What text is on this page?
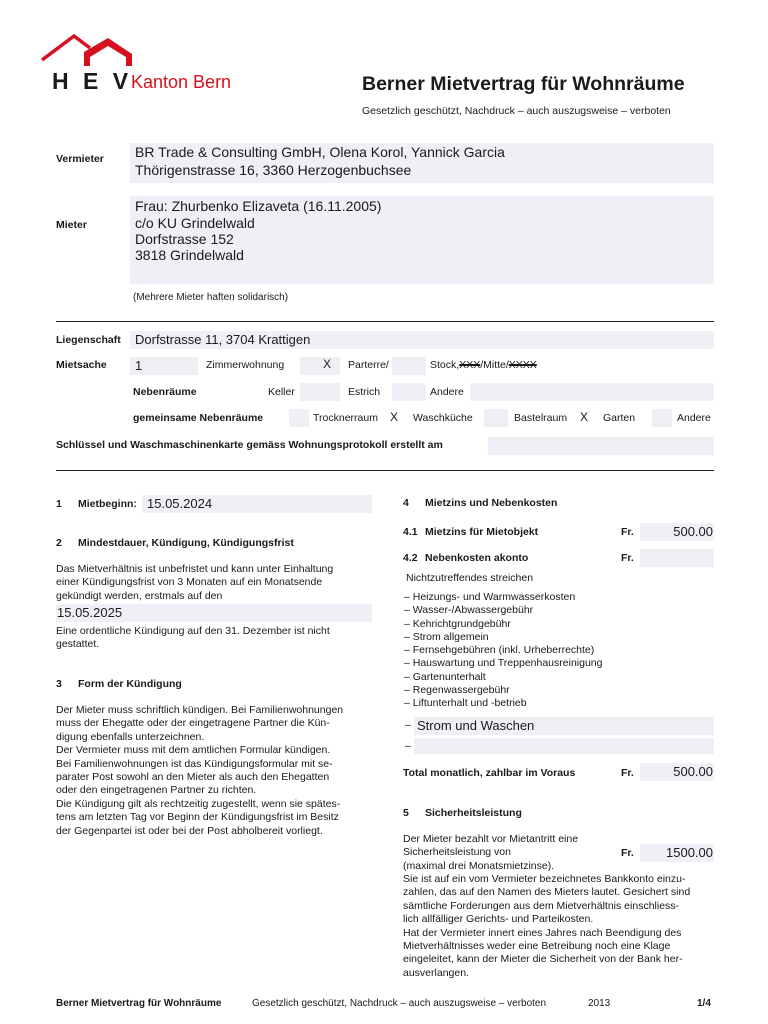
H E V
Kanton Bern	Berner Mietvertrag für Wohnräume
Gesetzlich geschützt, Nachdruck – auch auszugsweise – verboten
Vermieter BR Trade & Consulting GmbH, Olena Korol, Yannick Garcia
Thörigenstrasse 16, 3360 Herzogenbuchsee
Mieter
Frau: Zhurbenko Elizaveta (16.11.2005)
c/o KU Grindelwald
Dorfstrasse 152
3818 Grindelwald
(Mehrere Mieter haften solidarisch)
Liegenschaft Dorfstrasse 11, 3704 Krattigen
Mietsache 1	Zimmerwohnung	X Parterre/	Stock,XXX/Mitte/XXXX
Nebenräume	Keller	Estrich	Andere
gemeinsame Nebenräume	Trocknerraum X Waschküche	Bastelraum X Garten	Andere
Schlüssel und Waschmaschinenkarte gemäss Wohnungsprotokoll erstellt am
1 Mietbeginn: 15.05.2024
2 Mindestdauer, Kündigung, Kündigungsfrist
Das Mietverhältnis ist unbefristet und kann unter Einhaltung
einer Kündigungsfrist von 3 Monaten auf ein Monatsende
gekündigt werden, erstmals auf den
15.05.2025
Eine ordentliche Kündigung auf den 31. Dezember ist nicht
gestattet.
3 Form der Kündigung
Der Mieter muss schriftlich kündigen. Bei Familienwohnungen
muss der Ehegatte oder der eingetragene Partner die Kün-
digung ebenfalls unterzeichnen.
Der Vermieter muss mit dem amtlichen Formular kündigen.
Bei Familienwohnungen ist das Kündigungsformular mit se-
parater Post sowohl an den Mieter als auch den Ehegatten
oder den eingetragenen Partner zu richten.
Die Kündigung gilt als rechtzeitig zugestellt, wenn sie spätes-
tens am letzten Tag vor Beginn der Kündigungsfrist im Besitz
der Gegenpartei ist oder bei der Post abholbereit vorliegt.
4 Mietzins und Nebenkosten
4.1 Mietzins für Mietobjekt	Fr.	500.00
4.2 Nebenkosten akonto	Fr.
Nichtzutreffendes streichen
– Heizungs- und Warmwasserkosten
– Wasser-/Abwassergebühr
– Kehrichtgrundgebühr
– Strom allgemein
– Fernsehgebühren (inkl. Urheberrechte)
– Hauswartung und Treppenhausreinigung
– Gartenunterhalt
– Regenwassergebühr
– Liftunterhalt und -betrieb
– Strom und Waschen
–
Total monatlich, zahlbar im Voraus	Fr.	500.00
5 Sicherheitsleistung
Der Mieter bezahlt vor Mietantritt eine
Sicherheitsleistung von
(maximal drei Monatsmietzinse).
Fr.	1500.00
Sie ist auf ein vom Vermieter bezeichnetes Bankkonto einzu-
zahlen, das auf den Namen des Mieters lautet. Gesichert sind
sämtliche Forderungen aus dem Mietverhältnis einschliess-
lich allfälliger Gerichts- und Parteikosten.
Hat der Vermieter innert eines Jahres nach Beendigung des
Mietverhältnisses weder eine Betreibung noch eine Klage
eingeleitet, kann der Mieter die Sicherheit von der Bank her-
ausverlangen.
Berner Mietvertrag für Wohnräume	Gesetzlich geschützt, Nachdruck – auch auszugsweise – verboten	2013	1/4
